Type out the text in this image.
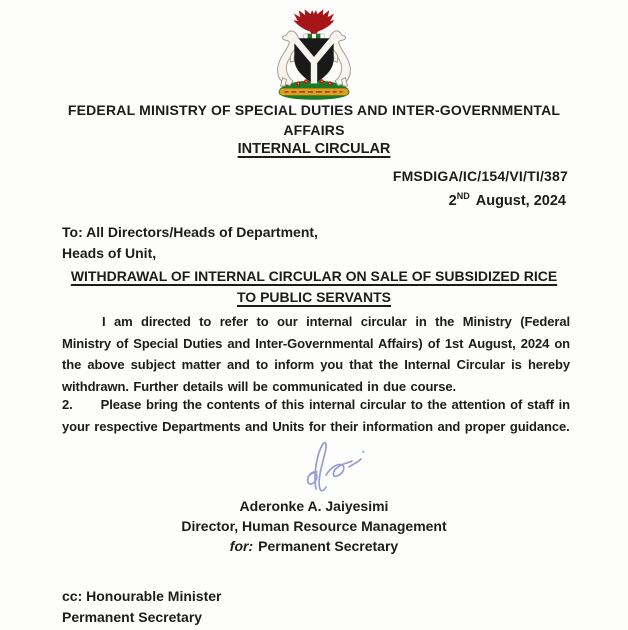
FEDERAL MINISTRY OF SPECIAL DUTIES AND INTER-GOVERNMENTAL
AFFAIRS
INTERNAL CIRCULAR
FMSDIGA/IC/154/VI/TI/387
2ND August, 2024
To: All Directors/Heads of Department,
Heads of Unit,
WITHDRAWAL OF INTERNAL CIRCULAR ON SALE OF SUBSIDIZED RICE
TO PUBLIC SERVANTS

I am directed to refer to our internal circular in the Ministry (Federal Ministry of Special Duties and Inter-Governmental Affairs) of 1st August, 2024 on the above subject matter and to inform you that the Internal Circular is hereby withdrawn. Further details will be communicated in due course.

2. Please bring the contents of this internal circular to the attention of staff in your respective Departments and Units for their information and proper guidance.

Aderonke A. Jaiyesimi
Director, Human Resource Management
for: Permanent Secretary
cc: Honourable Minister
Permanent Secretary
